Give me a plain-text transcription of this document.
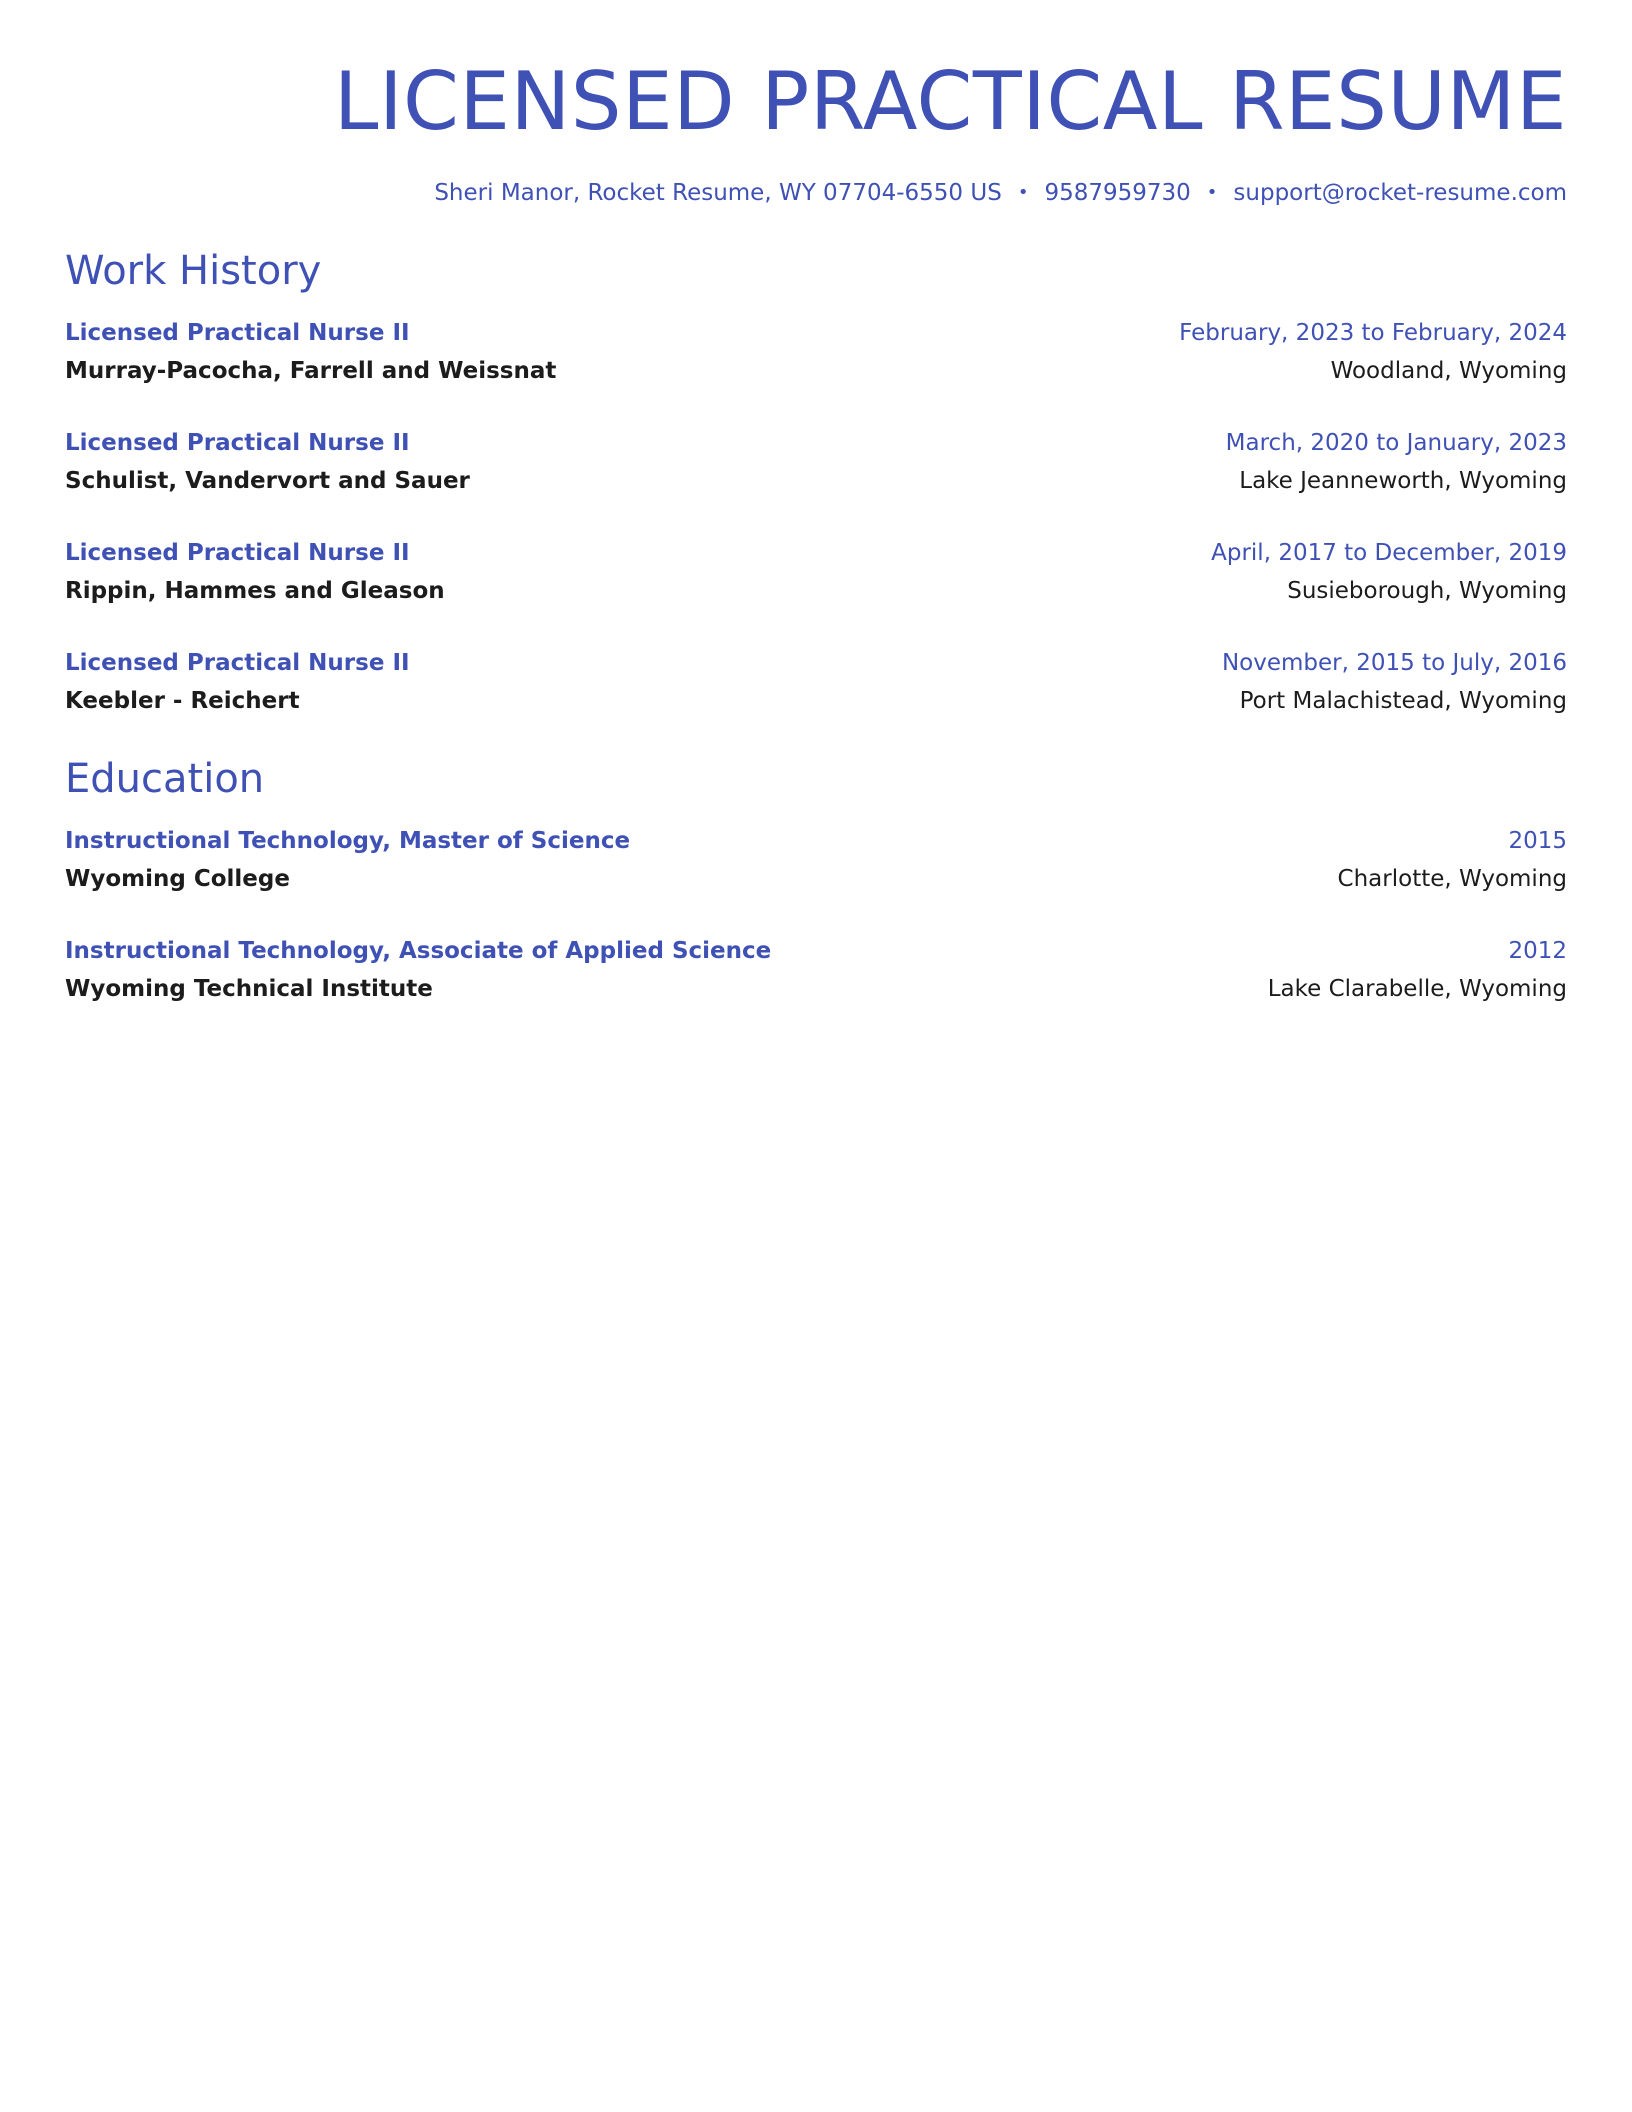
LICENSED PRACTICAL RESUME
Sheri Manor, Rocket Resume, WY 07704-6550 US • 9587959730 • support@rocket-resume.com
Work History
Licensed Practical Nurse II	February, 2023 to February, 2024
Murray-Pacocha, Farrell and Weissnat	Woodland, Wyoming
Licensed Practical Nurse II	March, 2020 to January, 2023
Schulist, Vandervort and Sauer	Lake Jeanneworth, Wyoming
Licensed Practical Nurse II	April, 2017 to December, 2019
Rippin, Hammes and Gleason	Susieborough, Wyoming
Licensed Practical Nurse II	November, 2015 to July, 2016
Keebler - Reichert	Port Malachistead, Wyoming
Education
Instructional Technology, Master of Science	2015
Wyoming College	Charlotte, Wyoming
Instructional Technology, Associate of Applied Science	2012
Wyoming Technical Institute	Lake Clarabelle, Wyoming
